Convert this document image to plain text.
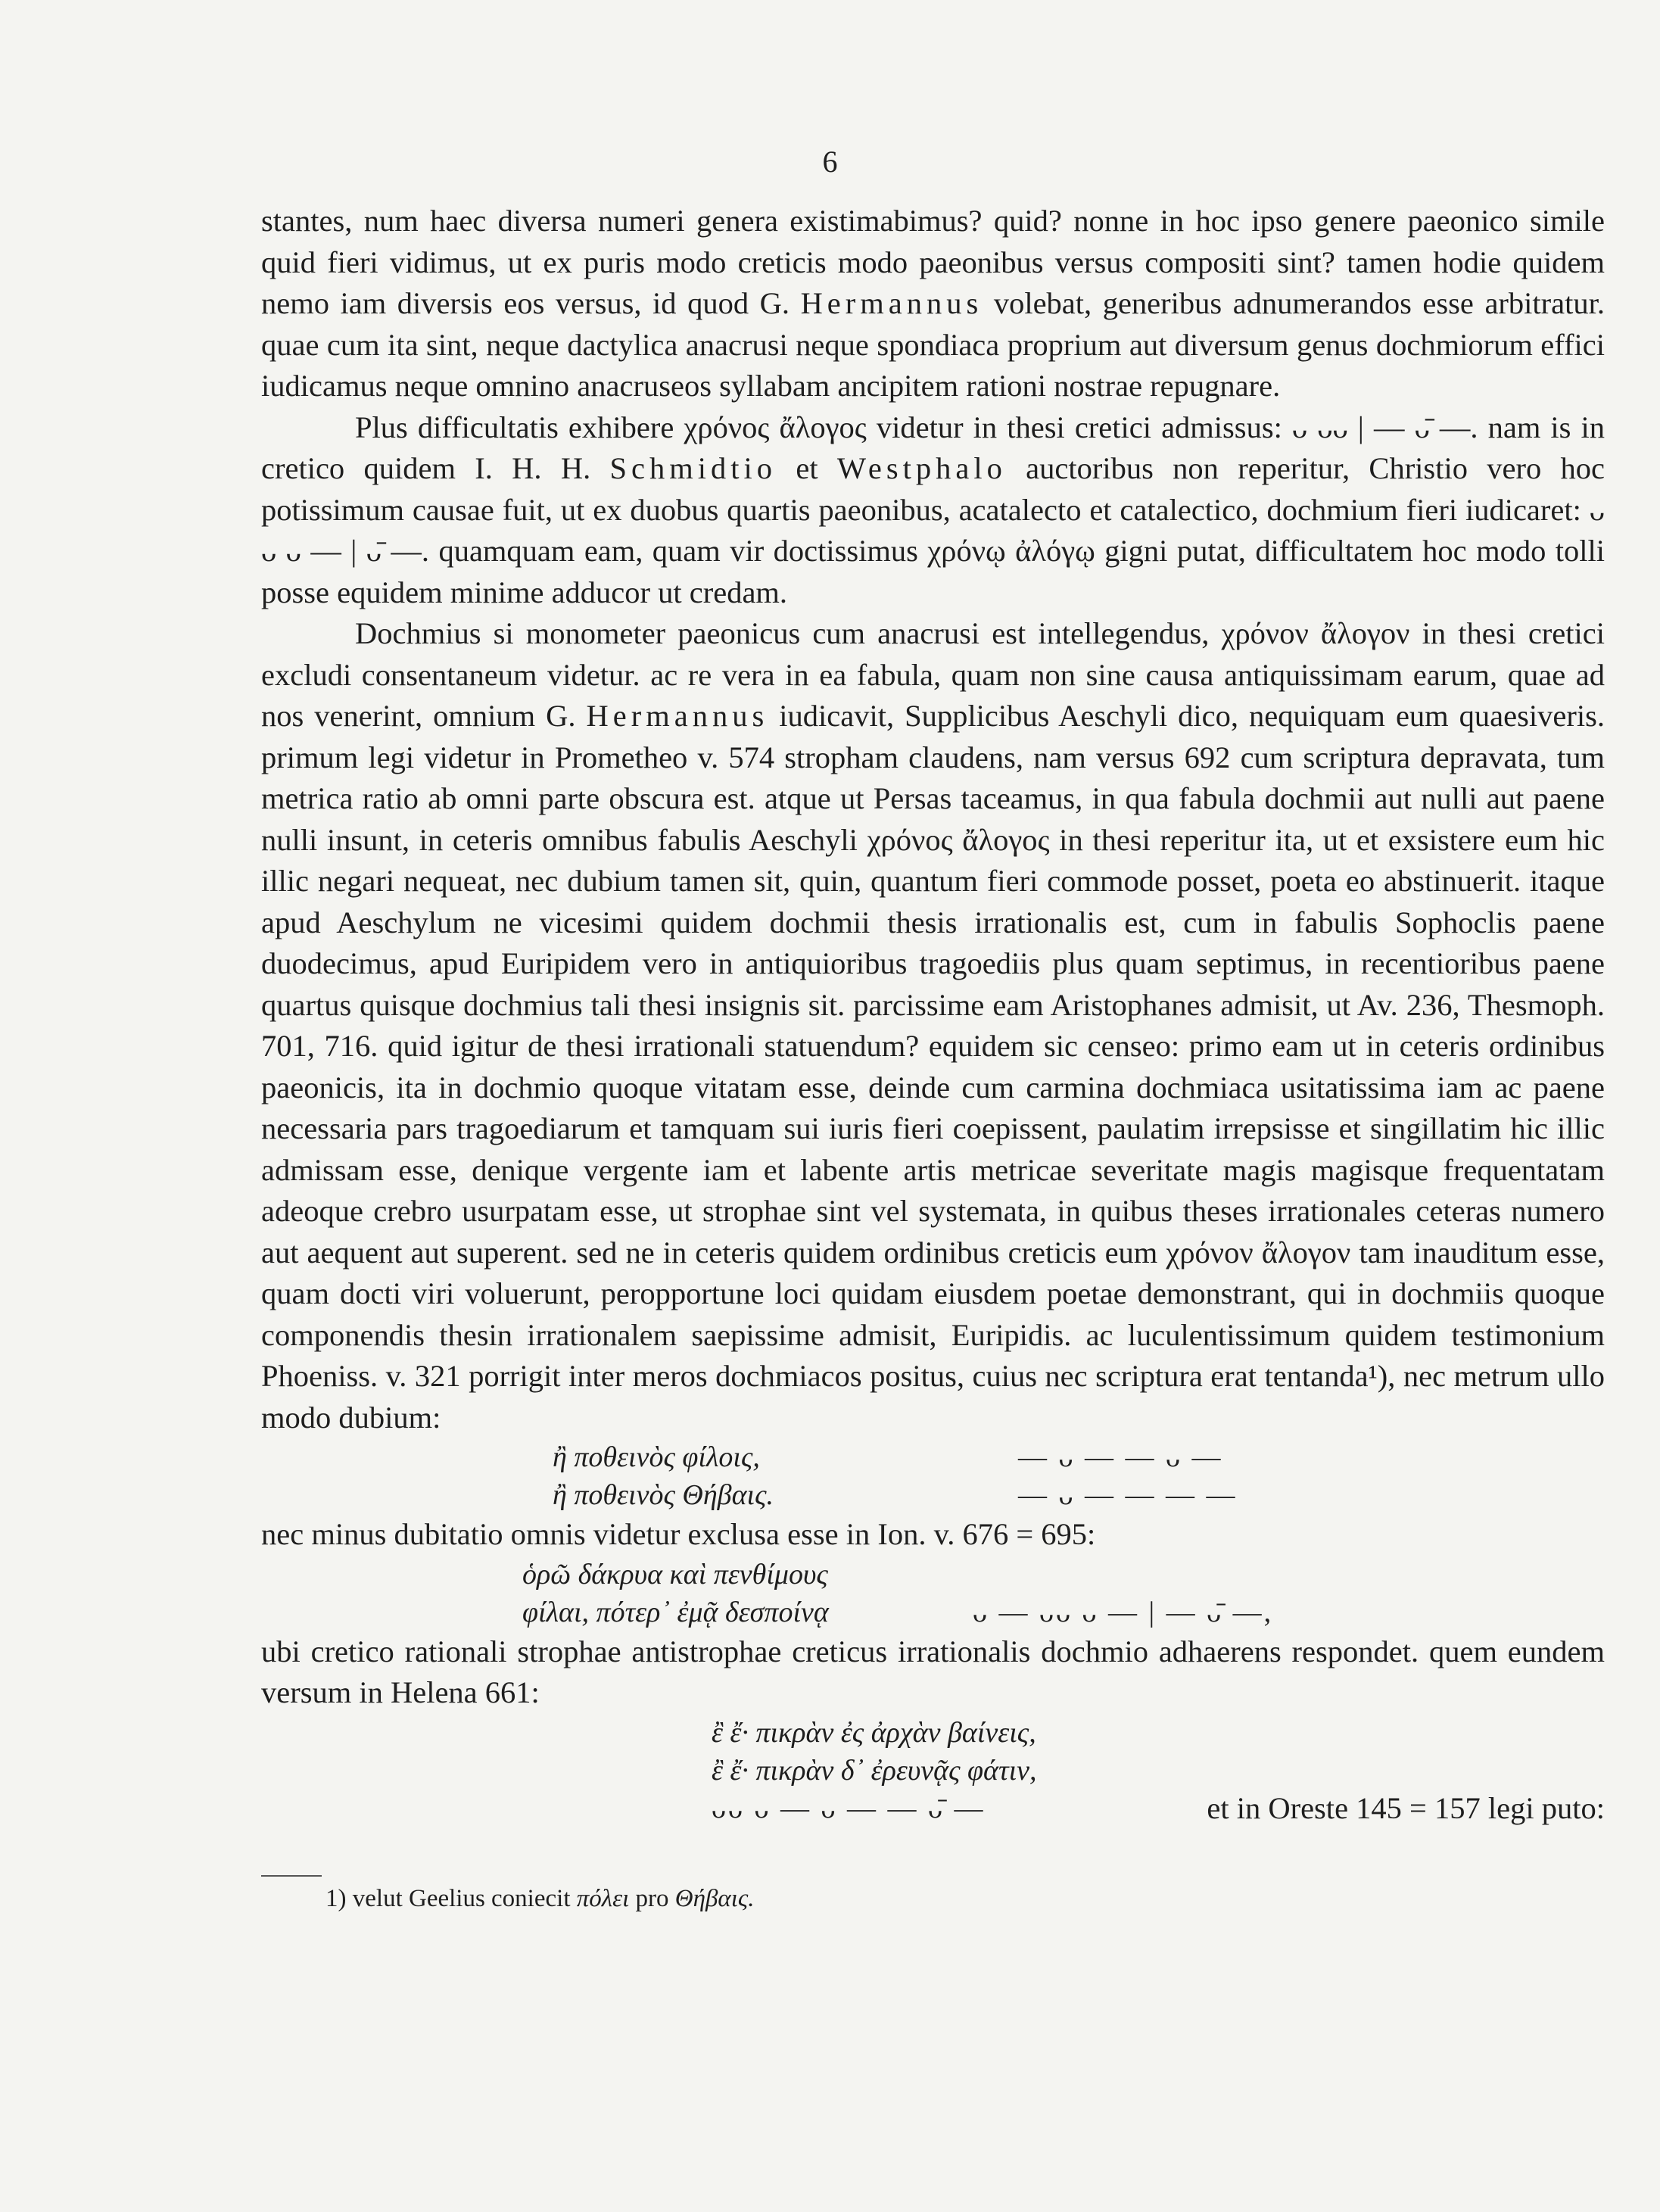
6

stantes, num haec diversa numeri genera existimabimus? quid? nonne in hoc ipso genere paeonico simile quid fieri vidimus, ut ex puris modo creticis modo paeonibus versus compositi sint? tamen hodie quidem nemo iam diversis eos versus, id quod G. Hermannus volebat, generibus adnumerandos esse arbitratur. quae cum ita sint, neque dactylica anacrusi neque spondiaca proprium aut diversum genus dochmiorum effici iudicamus neque omnino anacruseos syllabam ancipitem rationi nostrae repugnare.

Plus difficultatis exhibere χρόνος ἄλογος videtur in thesi cretici admissus: ᴗ ᴗᴗ | — ᴗ̄ —. nam is in cretico quidem I. H. H. Schmidtio et Westphalo auctoribus non reperitur, Christio vero hoc potissimum causae fuit, ut ex duobus quartis paeonibus, acatalecto et catalectico, dochmium fieri iudicaret: ᴗ ᴗ ᴗ — | ᴗ̄ —. quamquam eam, quam vir doctissimus χρόνῳ ἀλόγῳ gigni putat, difficultatem hoc modo tolli posse equidem minime adducor ut credam.

Dochmius si monometer paeonicus cum anacrusi est intellegendus, χρόνον ἄλογον in thesi cretici excludi consentaneum videtur. ac re vera in ea fabula, quam non sine causa antiquissimam earum, quae ad nos venerint, omnium G. Hermannus iudicavit, Supplicibus Aeschyli dico, nequiquam eum quaesiveris. primum legi videtur in Prometheo v. 574 stropham claudens, nam versus 692 cum scriptura depravata, tum metrica ratio ab omni parte obscura est. atque ut Persas taceamus, in qua fabula dochmii aut nulli aut paene nulli insunt, in ceteris omnibus fabulis Aeschyli χρόνος ἄλογος in thesi reperitur ita, ut et exsistere eum hic illic negari nequeat, nec dubium tamen sit, quin, quantum fieri commode posset, poeta eo abstinuerit. itaque apud Aeschylum ne vicesimi quidem dochmii thesis irrationalis est, cum in fabulis Sophoclis paene duodecimus, apud Euripidem vero in antiquioribus tragoediis plus quam septimus, in recentioribus paene quartus quisque dochmius tali thesi insignis sit. parcissime eam Aristophanes admisit, ut Av. 236, Thesmoph. 701, 716. quid igitur de thesi irrationali statuendum? equidem sic censeo: primo eam ut in ceteris ordinibus paeonicis, ita in dochmio quoque vitatam esse, deinde cum carmina dochmiaca usitatissima iam ac paene necessaria pars tragoediarum et tamquam sui iuris fieri coepissent, paulatim irrepsisse et singillatim hic illic admissam esse, denique vergente iam et labente artis metricae severitate magis magisque frequentatam adeoque crebro usurpatam esse, ut strophae sint vel systemata, in quibus theses irrationales ceteras numero aut aequent aut superent. sed ne in ceteris quidem ordinibus creticis eum χρόνον ἄλογον tam inauditum esse, quam docti viri voluerunt, peropportune loci quidam eiusdem poetae demonstrant, qui in dochmiis quoque componendis thesin irrationalem saepissime admisit, Euripidis. ac luculentissimum quidem testimonium Phoeniss. v. 321 porrigit inter meros dochmiacos positus, cuius nec scriptura erat tentanda¹), nec metrum ullo modo dubium:

ἢ ποθεινὸς φίλοις,	— ᴗ — — ᴗ —
ἢ ποθεινὸς Θήβαις.	— ᴗ — — — —

nec minus dubitatio omnis videtur exclusa esse in Ion. v. 676 = 695:

ὁρῶ δάκρυα καὶ πενθίμους
φίλαι, πότερ᾽ ἐμᾷ δεσποίνᾳ	ᴗ — ᴗᴗ ᴗ — | — ᴗ̄ —,

ubi cretico rationali strophae antistrophae creticus irrationalis dochmio adhaerens respondet. quem eundem versum in Helena 661:

ἒ ἔ· πικρὰν ἐς ἀρχὰν βαίνεις,
ἒ ἔ· πικρὰν δ᾽ ἐρευνᾷς φάτιν,
ᴗᴗ ᴗ — ᴗ — — ᴗ̄ —	et in Oreste 145 = 157 legi puto:
1) velut Geelius coniecit πόλει pro Θήβαις.
